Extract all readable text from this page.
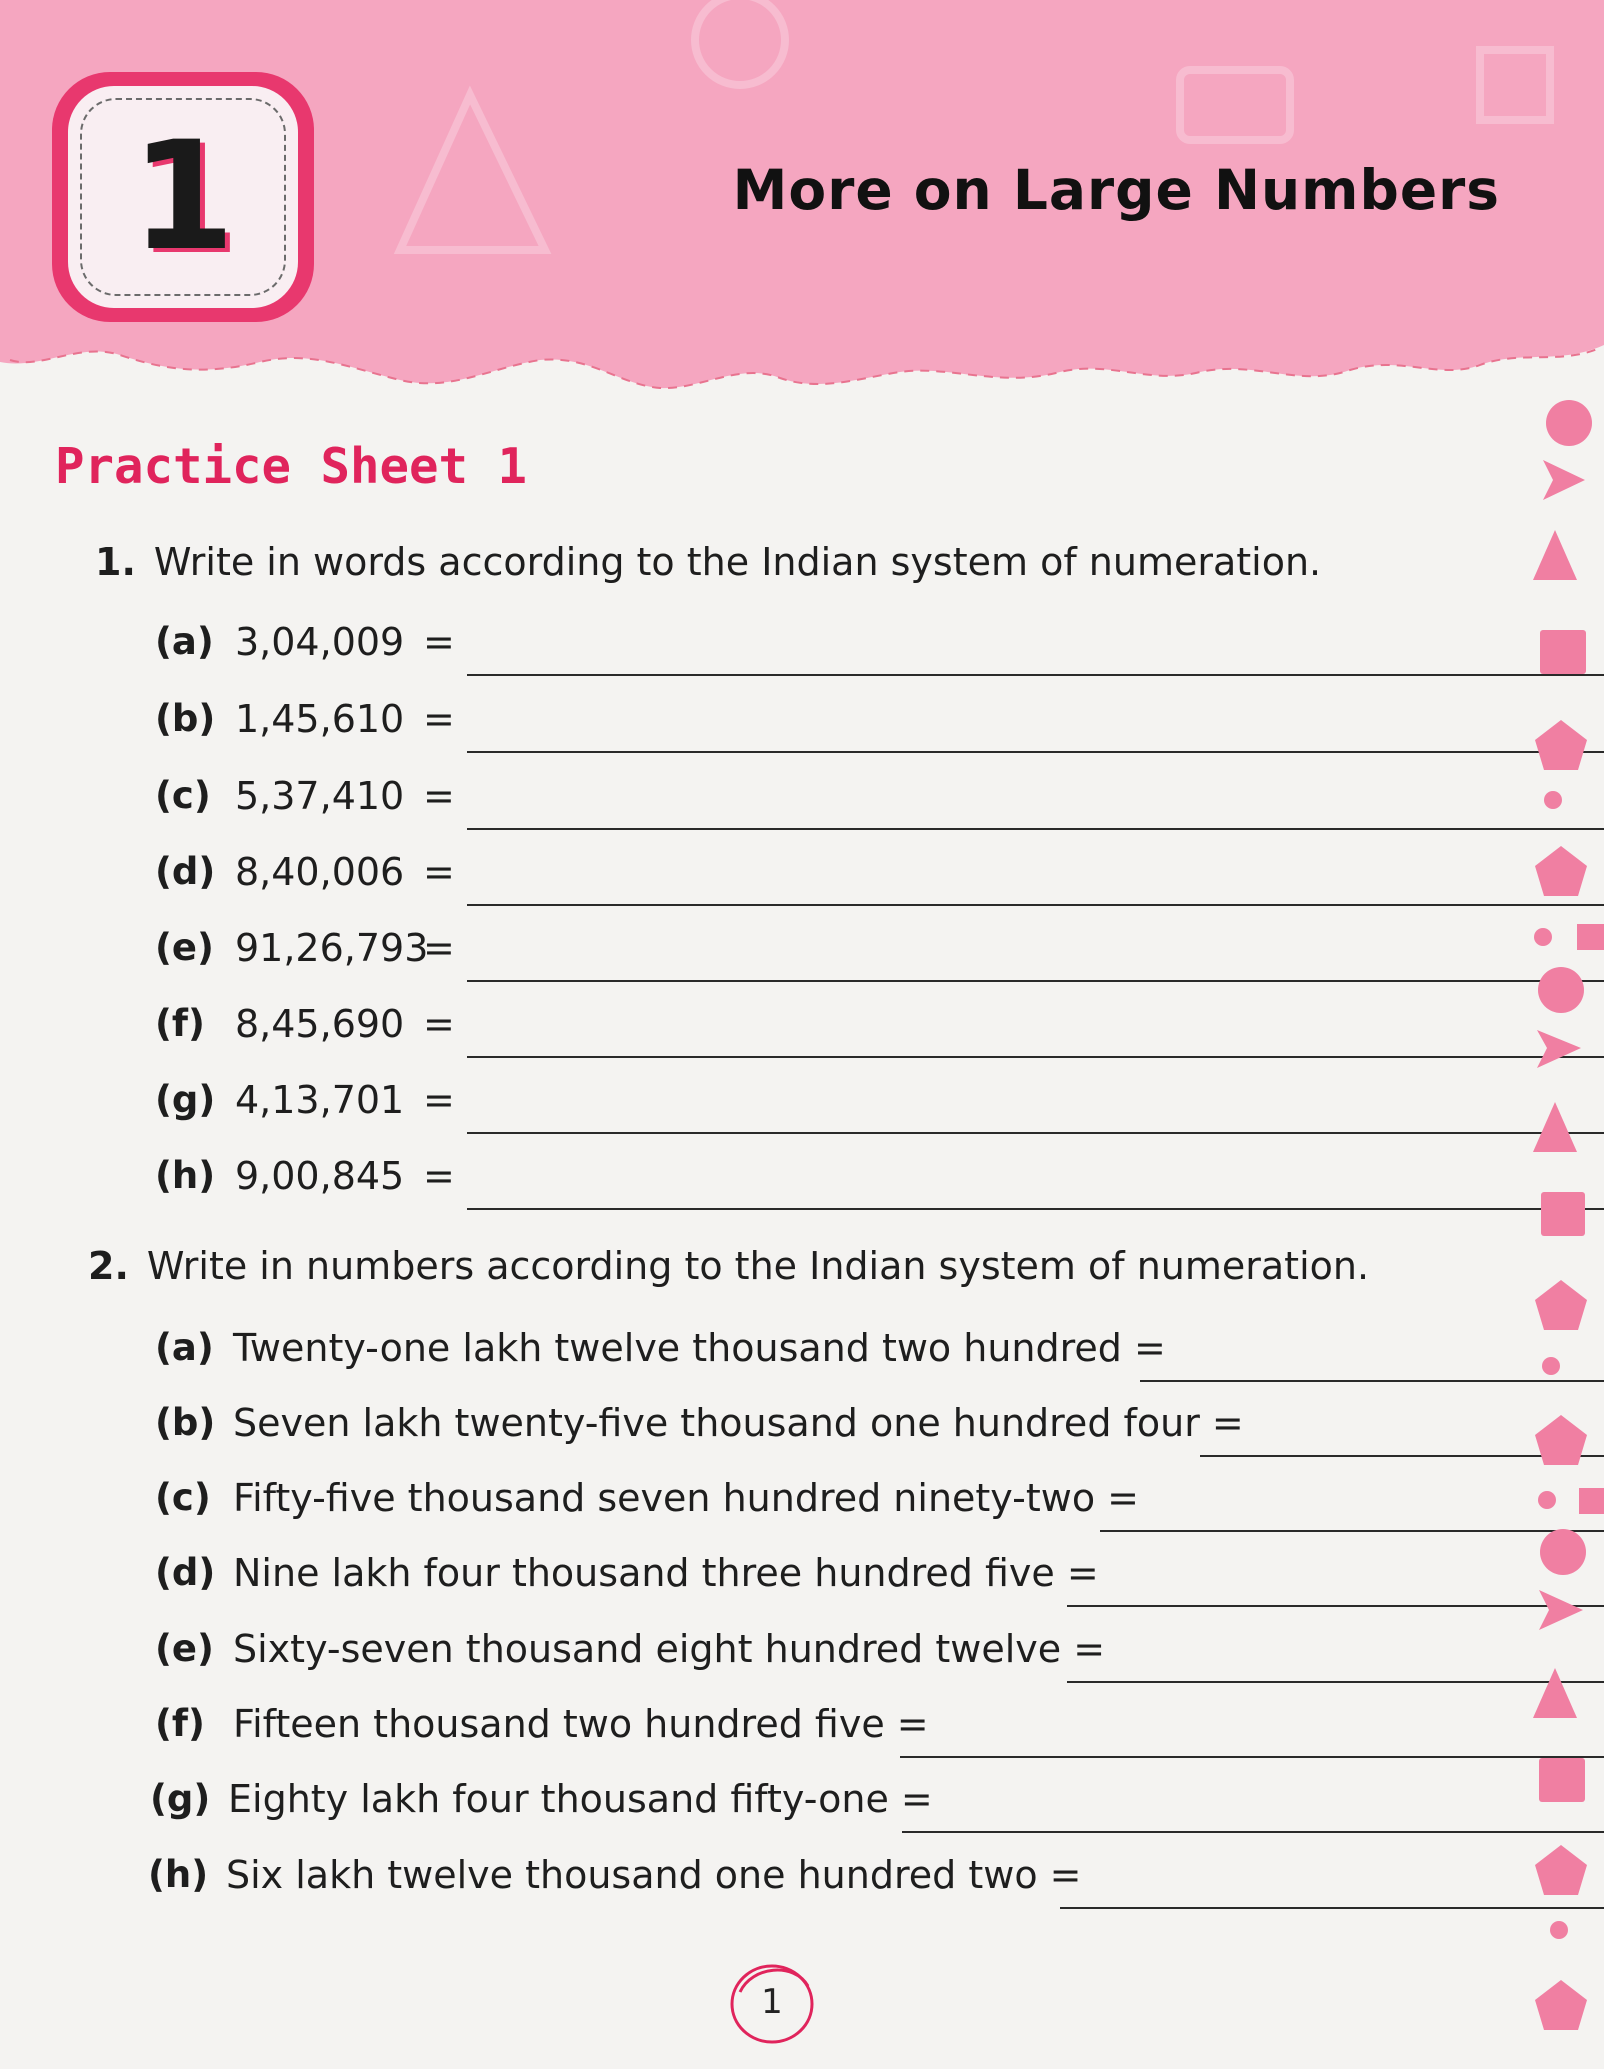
1	More on Large Numbers
Practice Sheet 1
1. Write in words according to the Indian system of numeration.
(a) 3,04,009 =
(b) 1,45,610 =
(c) 5,37,410 =
(d) 8,40,006 =
(e) 91,26,793
=
(f) 8,45,690 =
(g) 4,13,701 =
(h) 9,00,845 =
2. Write in numbers according to the Indian system of numeration.
(a) Twenty-one lakh twelve thousand two hundred =
(b) Seven lakh twenty-five thousand one hundred four =
(c) Fifty-five thousand seven hundred ninety-two =
(d) Nine lakh four thousand three hundred five =
(e) Sixty-seven thousand eight hundred twelve =
(f) Fifteen thousand two hundred five =
(g) Eighty lakh four thousand fifty-one =
(h) Six lakh twelve thousand one hundred two =
1
